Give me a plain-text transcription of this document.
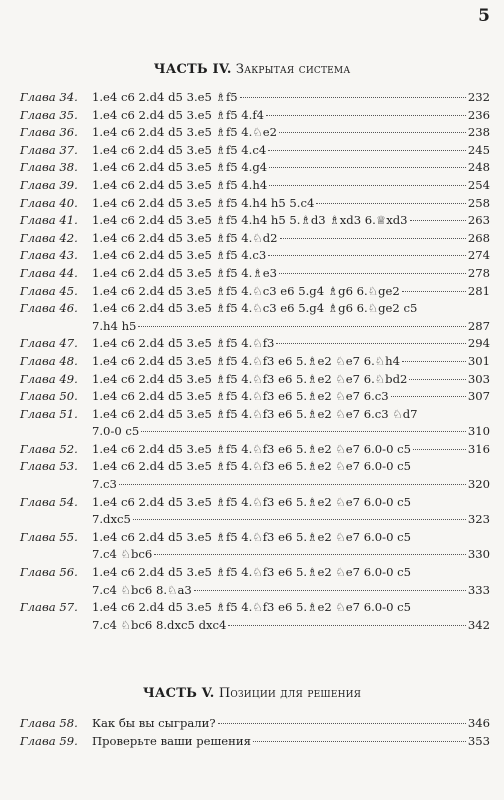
5
ЧАСТЬ IV. Закрытая система
Глава 34. 1.e4 c6 2.d4 d5 3.e5 ♗f5	232
Глава 35. 1.e4 c6 2.d4 d5 3.e5 ♗f5 4.f4	236
Глава 36. 1.e4 c6 2.d4 d5 3.e5 ♗f5 4.♘e2	238
Глава 37. 1.e4 c6 2.d4 d5 3.e5 ♗f5 4.c4	245
Глава 38. 1.e4 c6 2.d4 d5 3.e5 ♗f5 4.g4	248
Глава 39. 1.e4 c6 2.d4 d5 3.e5 ♗f5 4.h4	254
Глава 40. 1.e4 c6 2.d4 d5 3.e5 ♗f5 4.h4 h5 5.c4	258
Глава 41. 1.e4 c6 2.d4 d5 3.e5 ♗f5 4.h4 h5 5.♗d3 ♗xd3 6.♕xd3	263
Глава 42. 1.e4 c6 2.d4 d5 3.e5 ♗f5 4.♘d2	268
Глава 43. 1.e4 c6 2.d4 d5 3.e5 ♗f5 4.c3	274
Глава 44. 1.e4 c6 2.d4 d5 3.e5 ♗f5 4.♗e3	278
Глава 45. 1.e4 c6 2.d4 d5 3.e5 ♗f5 4.♘c3 e6 5.g4 ♗g6 6.♘ge2	281
Глава 46. 1.e4 c6 2.d4 d5 3.e5 ♗f5 4.♘c3 e6 5.g4 ♗g6 6.♘ge2 c5
7.h4 h5	287
Глава 47. 1.e4 c6 2.d4 d5 3.e5 ♗f5 4.♘f3	294
Глава 48. 1.e4 c6 2.d4 d5 3.e5 ♗f5 4.♘f3 e6 5.♗e2 ♘e7 6.♘h4	301
Глава 49. 1.e4 c6 2.d4 d5 3.e5 ♗f5 4.♘f3 e6 5.♗e2 ♘e7 6.♘bd2	303
Глава 50. 1.e4 c6 2.d4 d5 3.e5 ♗f5 4.♘f3 e6 5.♗e2 ♘e7 6.c3	307
Глава 51. 1.e4 c6 2.d4 d5 3.e5 ♗f5 4.♘f3 e6 5.♗e2 ♘e7 6.c3 ♘d7
7.0-0 c5	310
Глава 52. 1.e4 c6 2.d4 d5 3.e5 ♗f5 4.♘f3 e6 5.♗e2 ♘e7 6.0-0 c5	316
Глава 53. 1.e4 c6 2.d4 d5 3.e5 ♗f5 4.♘f3 e6 5.♗e2 ♘e7 6.0-0 c5
7.c3	320
Глава 54. 1.e4 c6 2.d4 d5 3.e5 ♗f5 4.♘f3 e6 5.♗e2 ♘e7 6.0-0 c5
7.dxc5	323
Глава 55. 1.e4 c6 2.d4 d5 3.e5 ♗f5 4.♘f3 e6 5.♗e2 ♘e7 6.0-0 c5
7.c4 ♘bc6	330
Глава 56. 1.e4 c6 2.d4 d5 3.e5 ♗f5 4.♘f3 e6 5.♗e2 ♘e7 6.0-0 c5
7.c4 ♘bc6 8.♘a3	333
Глава 57. 1.e4 c6 2.d4 d5 3.e5 ♗f5 4.♘f3 e6 5.♗e2 ♘e7 6.0-0 c5
7.c4 ♘bc6 8.dxc5 dxc4	342
ЧАСТЬ V. Позиции для решения
Глава 58. Как бы вы сыграли?	346
Глава 59. Проверьте ваши решения	353
